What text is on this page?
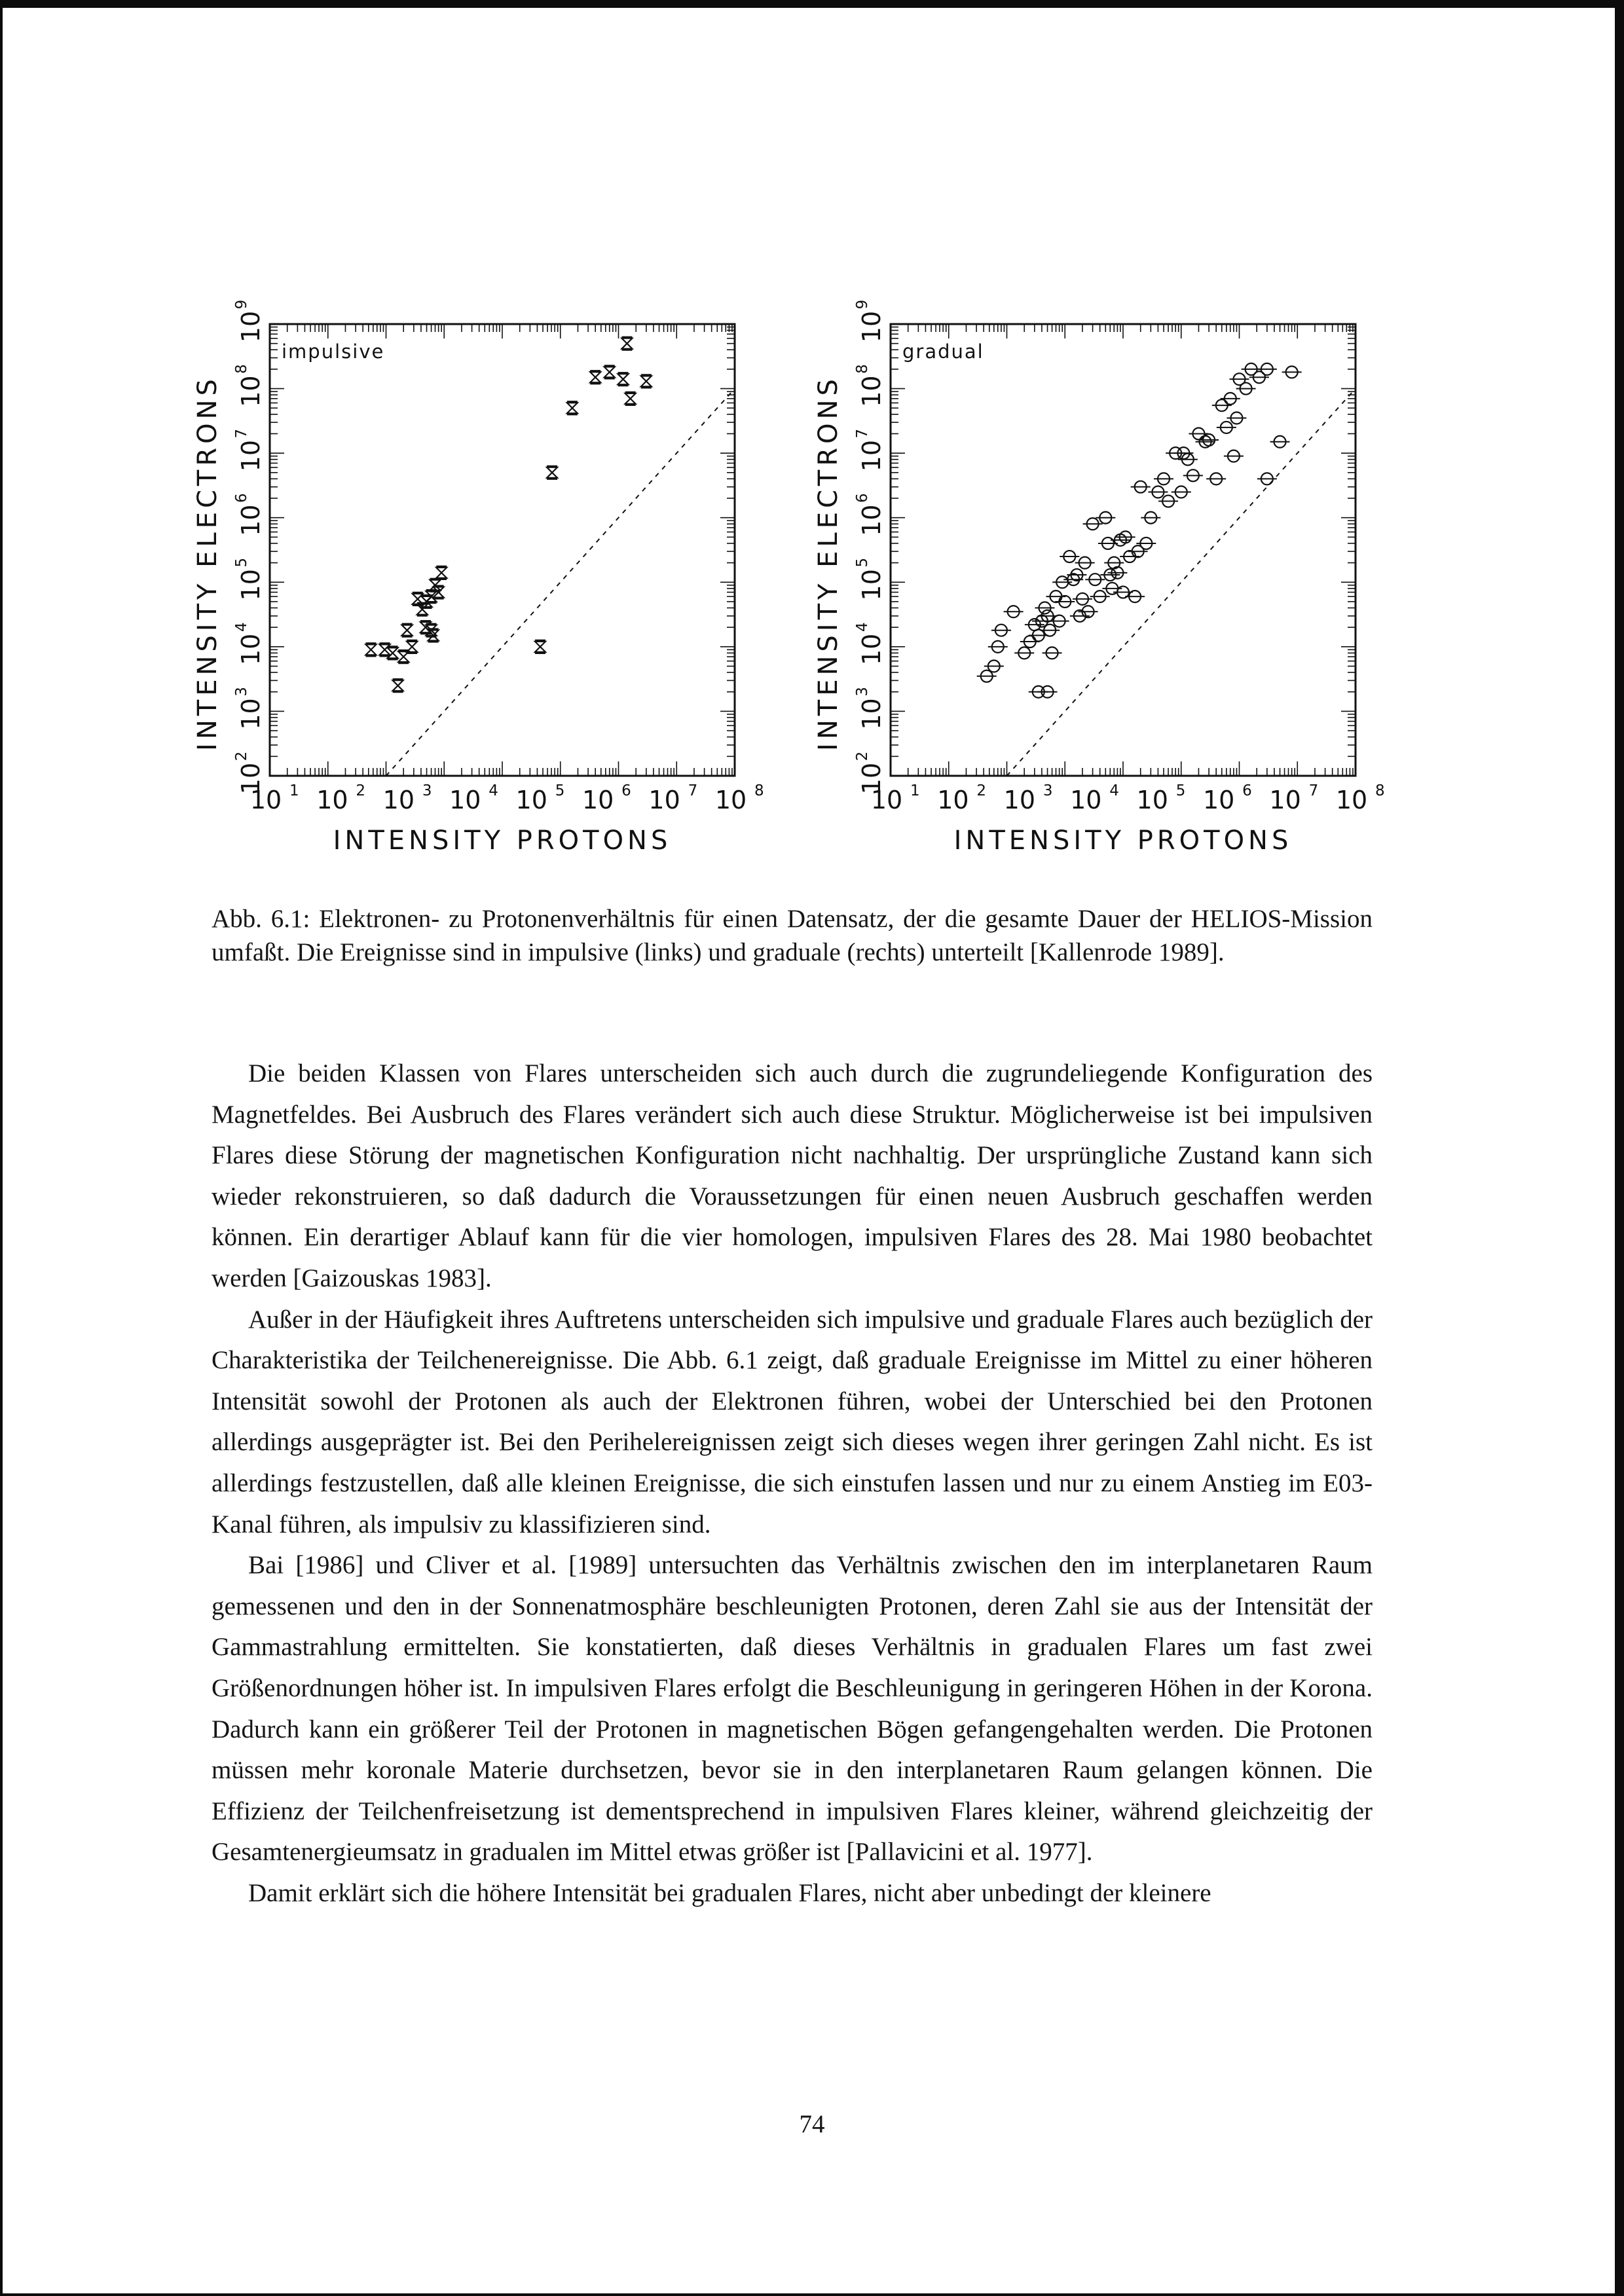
10 1 10 2 10 3 10 4 10 5 10 6 10 7 10 8
10
2
10
3
10
4
10
5
10
6
10
7
10
8
10
9
INTENSITY PROTONS
INTENSITY ELECTRONS
impulsive
10 1 10 2 10 3 10 4 10 5 10 6 10 7 10 8
10
2
10
3
10
4
10
5
10
6
10
7
10
8
10
9
INTENSITY PROTONS
INTENSITY ELECTRONS
gradual
Abb. 6.1: Elektronen- zu Protonenverhältnis für einen Datensatz, der die gesamte Dauer der HELIOS-Mission umfaßt. Die Ereignisse sind in impulsive (links) und graduale (rechts) unterteilt [Kallenrode 1989].

Die beiden Klassen von Flares unterscheiden sich auch durch die zugrundeliegende Konfiguration des Magnetfeldes. Bei Ausbruch des Flares verändert sich auch diese Struktur. Möglicherweise ist bei impulsiven Flares diese Störung der magnetischen Konfiguration nicht nachhaltig. Der ursprüngliche Zustand kann sich wieder rekonstruieren, so daß dadurch die Voraussetzungen für einen neuen Ausbruch geschaffen werden können. Ein derartiger Ablauf kann für die vier homologen, impulsiven Flares des 28. Mai 1980 beobachtet werden [Gaizouskas 1983].

Außer in der Häufigkeit ihres Auftretens unterscheiden sich impulsive und graduale Flares auch bezüglich der Charakteristika der Teilchenereignisse. Die Abb. 6.1 zeigt, daß graduale Ereignisse im Mittel zu einer höheren Intensität sowohl der Protonen als auch der Elektronen führen, wobei der Unterschied bei den Protonen allerdings ausgeprägter ist. Bei den Perihelereignissen zeigt sich dieses wegen ihrer geringen Zahl nicht. Es ist allerdings festzustellen, daß alle kleinen Ereignisse, die sich einstufen lassen und nur zu einem Anstieg im E03-Kanal führen, als impulsiv zu klassifizieren sind.

Bai [1986] und Cliver et al. [1989] untersuchten das Verhältnis zwischen den im interplanetaren Raum gemessenen und den in der Sonnenatmosphäre beschleunigten Protonen, deren Zahl sie aus der Intensität der Gammastrahlung ermittelten. Sie konstatierten, daß dieses Verhältnis in gradualen Flares um fast zwei Größenordnungen höher ist. In impulsiven Flares erfolgt die Beschleunigung in geringeren Höhen in der Korona. Dadurch kann ein größerer Teil der Protonen in magnetischen Bögen gefangengehalten werden. Die Protonen müssen mehr koronale Materie durchsetzen, bevor sie in den interplanetaren Raum gelangen können. Die Effizienz der Teilchenfreisetzung ist dementsprechend in impulsiven Flares kleiner, während gleichzeitig der Gesamtenergieumsatz in gradualen im Mittel etwas größer ist [Pallavicini et al. 1977].

Damit erklärt sich die höhere Intensität bei gradualen Flares, nicht aber unbedingt der kleinere

74
